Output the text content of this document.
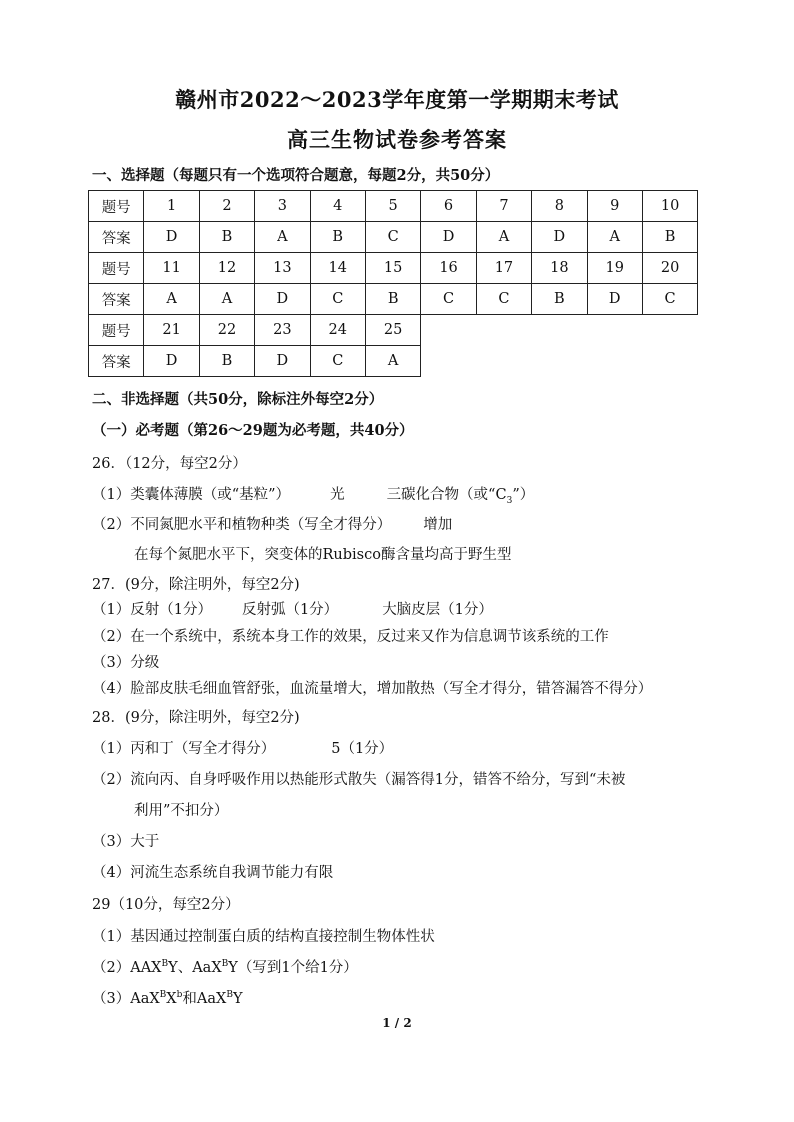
赣州市2022～2023学年度第一学期期末考试
高三生物试卷参考答案
一、选择题（每题只有一个选项符合题意，每题2分，共50分）
题号	1	2	3	4	5	6	7	8	9	10
答案	D	B	A	B	C	D	A	D	A	B
题号	11	12	13	14	15	16	17	18	19	20
答案	A	A	D	C	B	C	C	B	D	C
题号	21	22	23	24	25					
答案	D	B	D	C	A					
二、非选择题（共50分，除标注外每空2分）
（一）必考题（第26～29题为必考题，共40分）
26．（12分，每空2分）
（1）类囊体薄膜（或“基粒”）	光	三碳化合物（或“$C_3$”）
（2）不同氮肥水平和植物种类（写全才得分） 增加
在每个氮肥水平下，突变体的Rubisco酶含量均高于野生型
27．(9分，除注明外，每空2分)
（1）反射（1分） 反射弧（1分）	大脑皮层（1分）
（2）在一个系统中，系统本身工作的效果，反过来又作为信息调节该系统的工作
（3）分级
（4）脸部皮肤毛细血管舒张，血流量增大，增加散热（写全才得分，错答漏答不得分）
28．(9分，除注明外，每空2分)
（1）丙和丁（写全才得分）	5（1分）
（2）流向丙、自身呼吸作用以热能形式散失（漏答得1分，错答不给分，写到“未被
利用”不扣分）
（3）大于
（4）河流生态系统自我调节能力有限
29（10分，每空2分）
（1）基因通过控制蛋白质的结构直接控制生物体性状
$(2)AAX^BY$、AaX$^B$Y（写到1个给1分）
$(3)AaX^BX^b$和AaX$^B$Y
1 / 2
